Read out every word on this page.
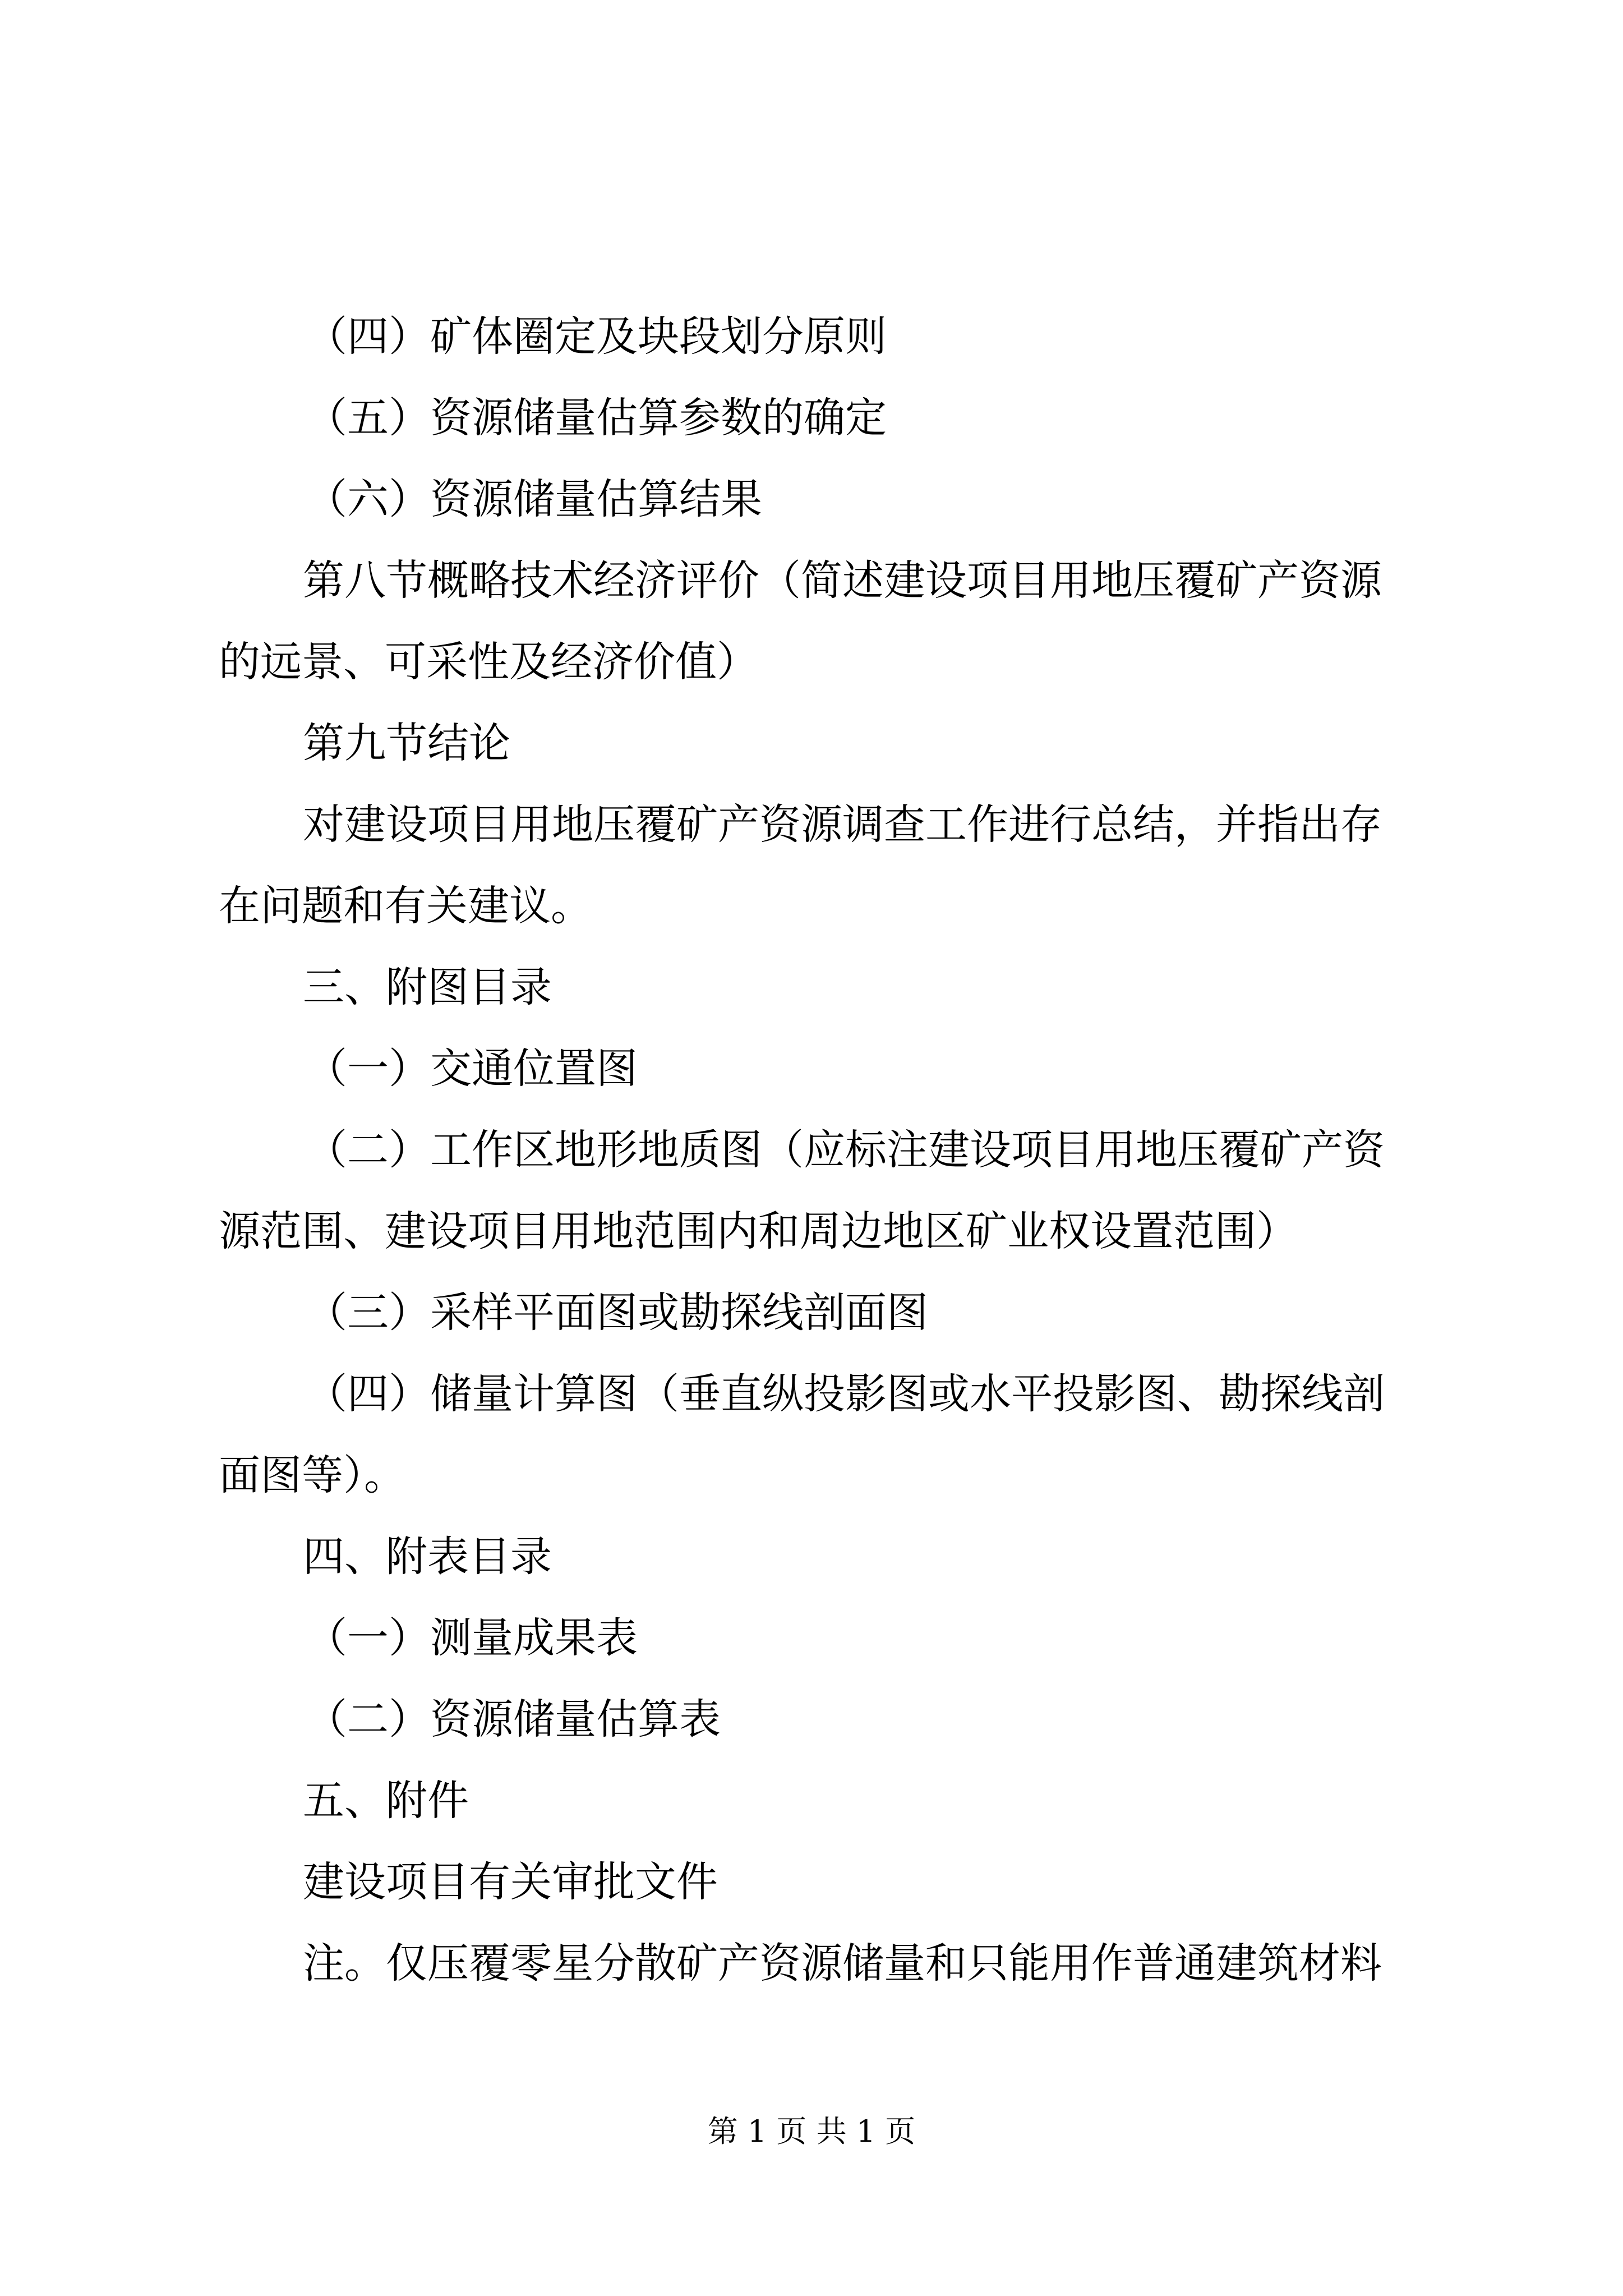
（四）矿体圈定及块段划分原则
（五）资源储量估算参数的确定
（六）资源储量估算结果
第八节概略技术经济评价（简述建设项目用地压覆矿产资源
的远景、可采性及经济价值）
第九节结论
对建设项目用地压覆矿产资源调查工作进行总结，并指出存
在问题和有关建议。
三、附图目录
（一）交通位置图
（二）工作区地形地质图（应标注建设项目用地压覆矿产资
源范围、建设项目用地范围内和周边地区矿业权设置范围）
（三）采样平面图或勘探线剖面图
（四）储量计算图（垂直纵投影图或水平投影图、勘探线剖
面图等）。
四、附表目录
（一）测量成果表
（二）资源储量估算表
五、附件
建设项目有关审批文件
注。仅压覆零星分散矿产资源储量和只能用作普通建筑材料
第 1 页 共 1 页
